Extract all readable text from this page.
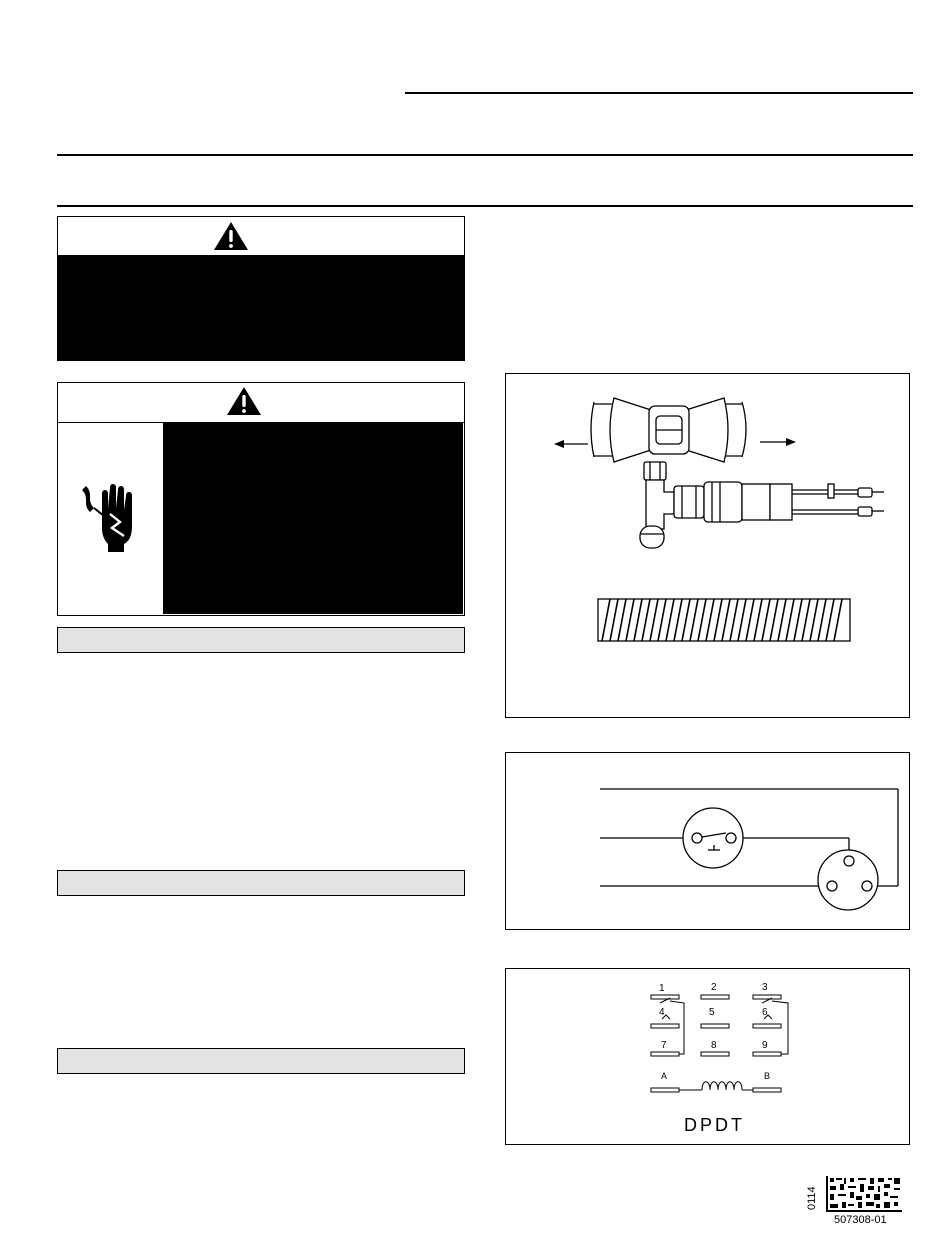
1	2	3
4	5	6
7	8	9
A	B
DPDT
0114
507308-01
